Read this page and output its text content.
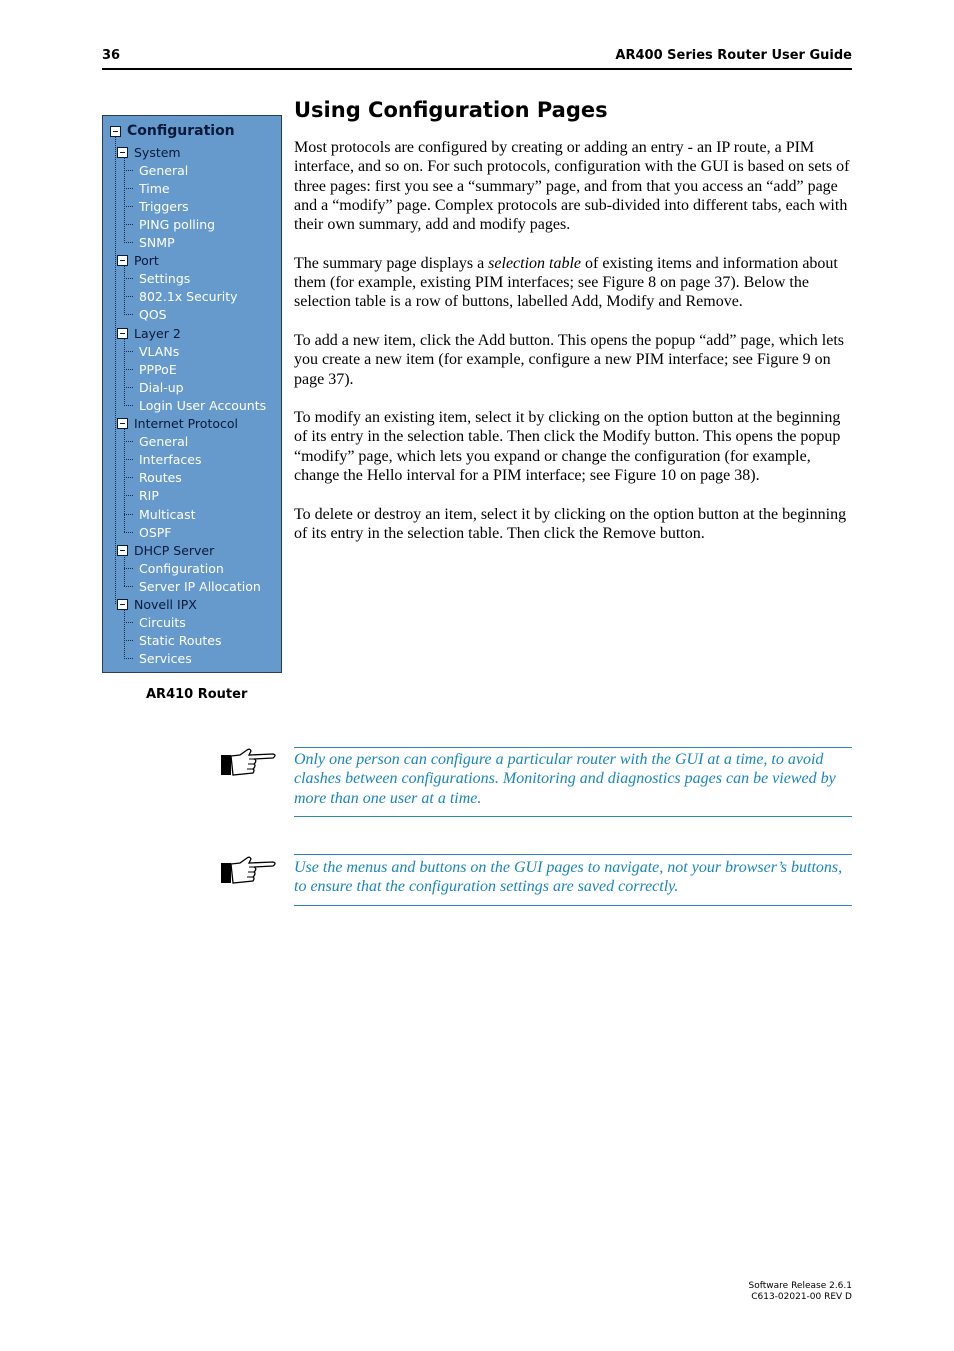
36	AR400 Series Router User Guide
Configuration
System
General
Time
Triggers
PING polling
SNMP
Port
Settings
802.1x Security
QOS
Layer 2
VLANs
PPPoE
Dial-up
Login User Accounts
Internet Protocol
General
Interfaces
Routes
RIP
Multicast
OSPF
DHCP Server
Configuration
Server IP Allocation
Novell IPX
Circuits
Static Routes
Services
AR410 Router
Using Configuration Pages

Most protocols are configured by creating or adding an entry - an IP route, a PIM interface, and so on. For such protocols, configuration with the GUI is based on sets of three pages: first you see a “summary” page, and from that you access an “add” page and a “modify” page. Complex protocols are sub-divided into different tabs, each with their own summary, add and modify pages.

The summary page displays a selection table of existing items and information about them (for example, existing PIM interfaces; see Figure 8 on page 37). Below the selection table is a row of buttons, labelled Add, Modify and Remove.

To add a new item, click the Add button. This opens the popup “add” page, which lets you create a new item (for example, configure a new PIM interface; see Figure 9 on page 37).

To modify an existing item, select it by clicking on the option button at the beginning of its entry in the selection table. Then click the Modify button. This opens the popup “modify” page, which lets you expand or change the configuration (for example, change the Hello interval for a PIM interface; see Figure 10 on page 38).

To delete or destroy an item, select it by clicking on the option button at the beginning of its entry in the selection table. Then click the Remove button.

Only one person can configure a particular router with the GUI at a time, to avoid clashes between configurations. Monitoring and diagnostics pages can be viewed by more than one user at a time.

Use the menus and buttons on the GUI pages to navigate, not your browser’s buttons, to ensure that the configuration settings are saved correctly.

Software Release 2.6.1
C613-02021-00 REV D
